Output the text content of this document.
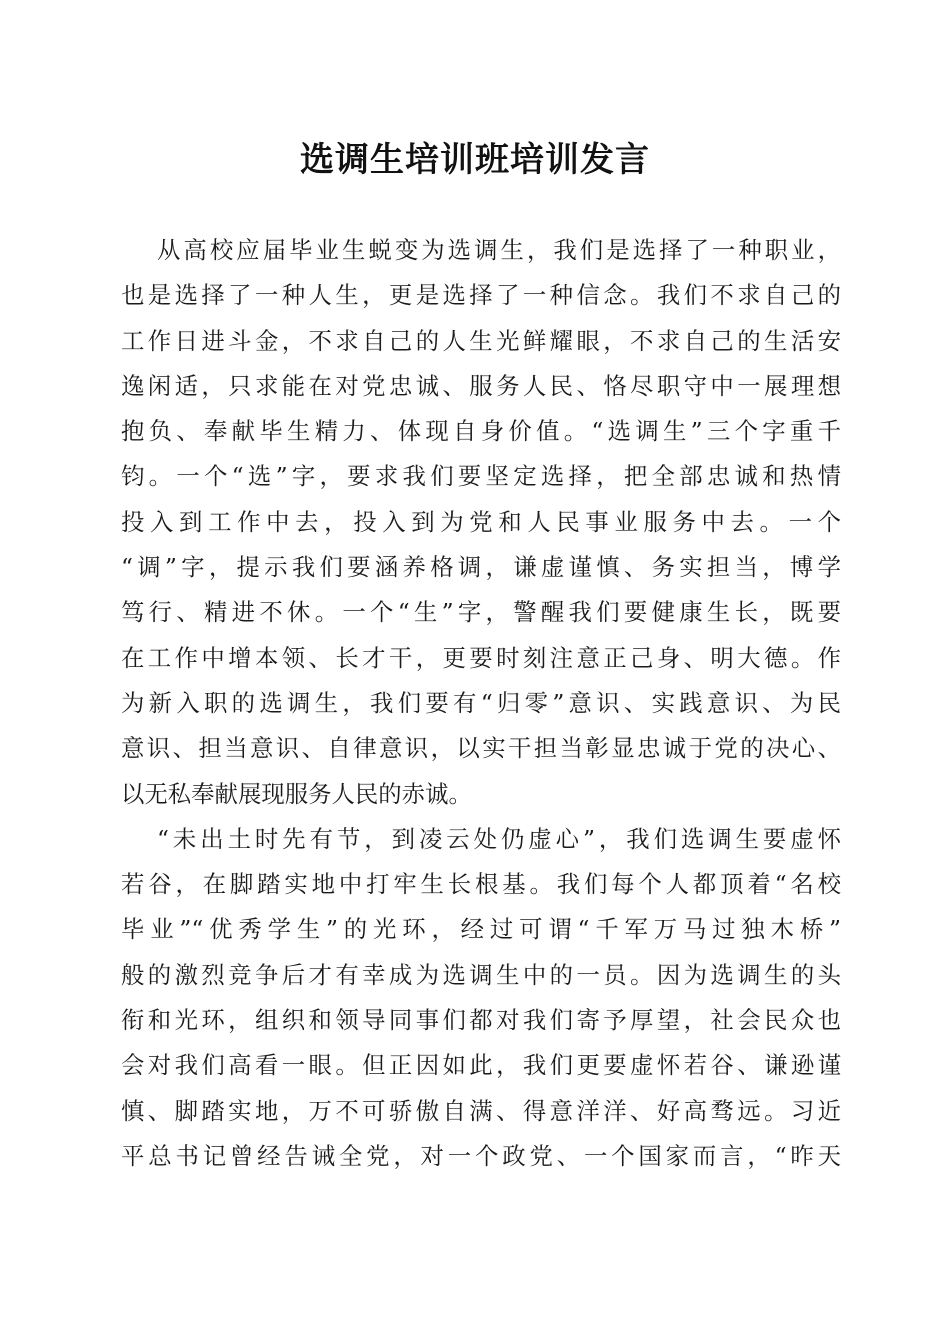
选调生培训班培训发言
从高校应届毕业生蜕变为选调生，我们是选择了一种职业，
也是选择了一种人生，更是选择了一种信念。我们不求自己的
工作日进斗金，不求自己的人生光鲜耀眼，不求自己的生活安
逸闲适，只求能在对党忠诚、服务人民、恪尽职守中一展理想
抱负、奉献毕生精力、体现自身价值。“选调生”三个字重千
钧。一个“选”字，要求我们要坚定选择，把全部忠诚和热情
投入到工作中去，投入到为党和人民事业服务中去。一个
“调”字，提示我们要涵养格调，谦虚谨慎、务实担当，博学
笃行、精进不休。一个“生”字，警醒我们要健康生长，既要
在工作中增本领、长才干，更要时刻注意正己身、明大德。作
为新入职的选调生，我们要有“归零”意识、实践意识、为民
意识、担当意识、自律意识，以实干担当彰显忠诚于党的决心、
以无私奉献展现服务人民的赤诚。
“未出土时先有节，到凌云处仍虚心”，我们选调生要虚怀
若谷，在脚踏实地中打牢生长根基。我们每个人都顶着“名校
毕业”“优秀学生”的光环，经过可谓“千军万马过独木桥”
般的激烈竞争后才有幸成为选调生中的一员。因为选调生的头
衔和光环，组织和领导同事们都对我们寄予厚望，社会民众也
会对我们高看一眼。但正因如此，我们更要虚怀若谷、谦逊谨
慎、脚踏实地，万不可骄傲自满、得意洋洋、好高骛远。习近
平总书记曾经告诫全党，对一个政党、一个国家而言，“昨天
